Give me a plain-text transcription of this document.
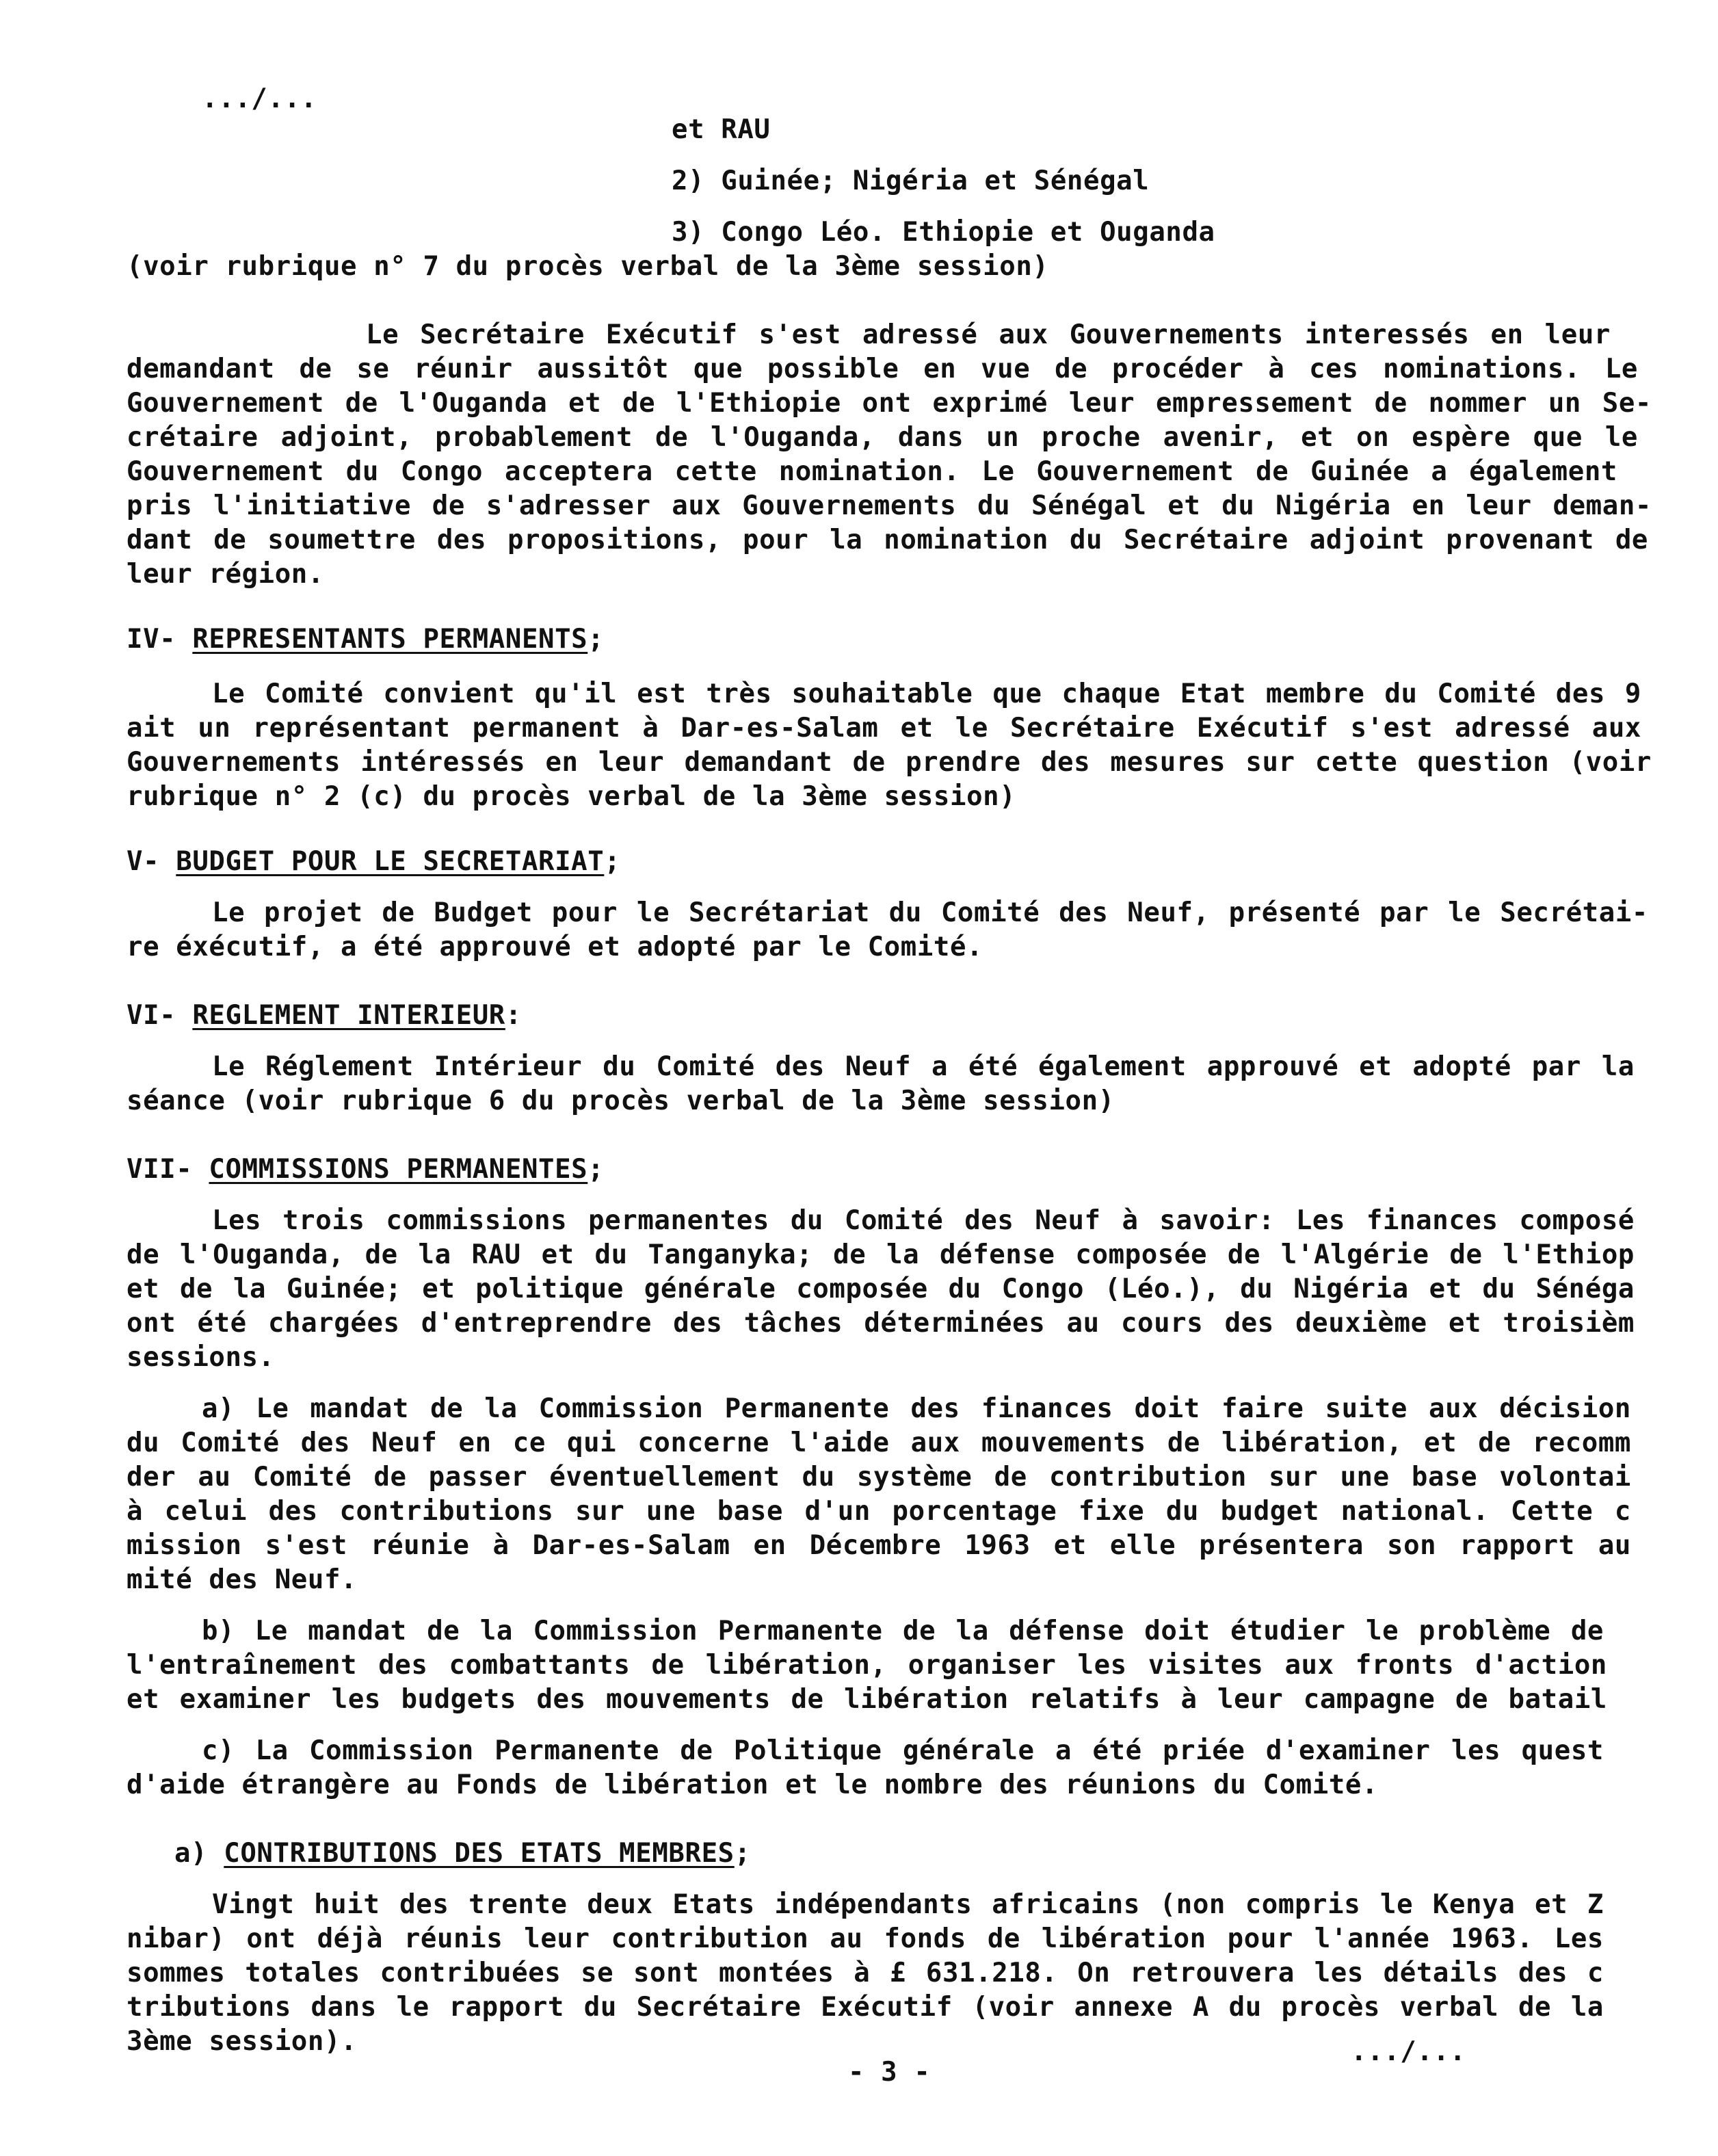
.../...
et RAU
2) Guinée; Nigéria et Sénégal
3) Congo Léo. Ethiopie et Ouganda
(voir rubrique n° 7 du procès verbal de la 3ème session)
Le Secrétaire Exécutif s'est adressé aux Gouvernements interessés en leur
demandant de se réunir aussitôt que possible en vue de procéder à ces nominations. Le
Gouvernement de l'Ouganda et de l'Ethiopie ont exprimé leur empressement de nommer un Se-
crétaire adjoint, probablement de l'Ouganda, dans un proche avenir, et on espère que le
Gouvernement du Congo acceptera cette nomination. Le Gouvernement de Guinée a également
pris l'initiative de s'adresser aux Gouvernements du Sénégal et du Nigéria en leur deman-
dant de soumettre des propositions, pour la nomination du Secrétaire adjoint provenant de
leur région.
IV- REPRESENTANTS PERMANENTS;
Le Comité convient qu'il est très souhaitable que chaque Etat membre du Comité des 9
ait un représentant permanent à Dar-es-Salam et le Secrétaire Exécutif s'est adressé aux
Gouvernements intéressés en leur demandant de prendre des mesures sur cette question (voir
rubrique n° 2 (c) du procès verbal de la 3ème session)
V- BUDGET POUR LE SECRETARIAT;
Le projet de Budget pour le Secrétariat du Comité des Neuf, présenté par le Secrétai-
re éxécutif, a été approuvé et adopté par le Comité.
VI- REGLEMENT INTERIEUR:
Le Réglement Intérieur du Comité des Neuf a été également approuvé et adopté par la
séance (voir rubrique 6 du procès verbal de la 3ème session)
VII- COMMISSIONS PERMANENTES;
Les trois commissions permanentes du Comité des Neuf à savoir: Les finances composé
de l'Ouganda, de la RAU et du Tanganyka; de la défense composée de l'Algérie de l'Ethiop
et de la Guinée; et politique générale composée du Congo (Léo.), du Nigéria et du Sénéga
ont été chargées d'entreprendre des tâches déterminées au cours des deuxième et troisièm
sessions.
a) Le mandat de la Commission Permanente des finances doit faire suite aux décision
du Comité des Neuf en ce qui concerne l'aide aux mouvements de libération, et de recomm
der au Comité de passer éventuellement du système de contribution sur une base volontai
à celui des contributions sur une base d'un porcentage fixe du budget national. Cette c
mission s'est réunie à Dar-es-Salam en Décembre 1963 et elle présentera son rapport au
mité des Neuf.
b) Le mandat de la Commission Permanente de la défense doit étudier le problème de
l'entraînement des combattants de libération, organiser les visites aux fronts d'action
et examiner les budgets des mouvements de libération relatifs à leur campagne de batail
c) La Commission Permanente de Politique générale a été priée d'examiner les quest
d'aide étrangère au Fonds de libération et le nombre des réunions du Comité.
a) CONTRIBUTIONS DES ETATS MEMBRES;
Vingt huit des trente deux Etats indépendants africains (non compris le Kenya et Z
nibar) ont déjà réunis leur contribution au fonds de libération pour l'année 1963. Les
sommes totales contribuées se sont montées à £ 631.218. On retrouvera les détails des c
tributions dans le rapport du Secrétaire Exécutif (voir annexe A du procès verbal de la
3ème session).
- 3 -
.../...
